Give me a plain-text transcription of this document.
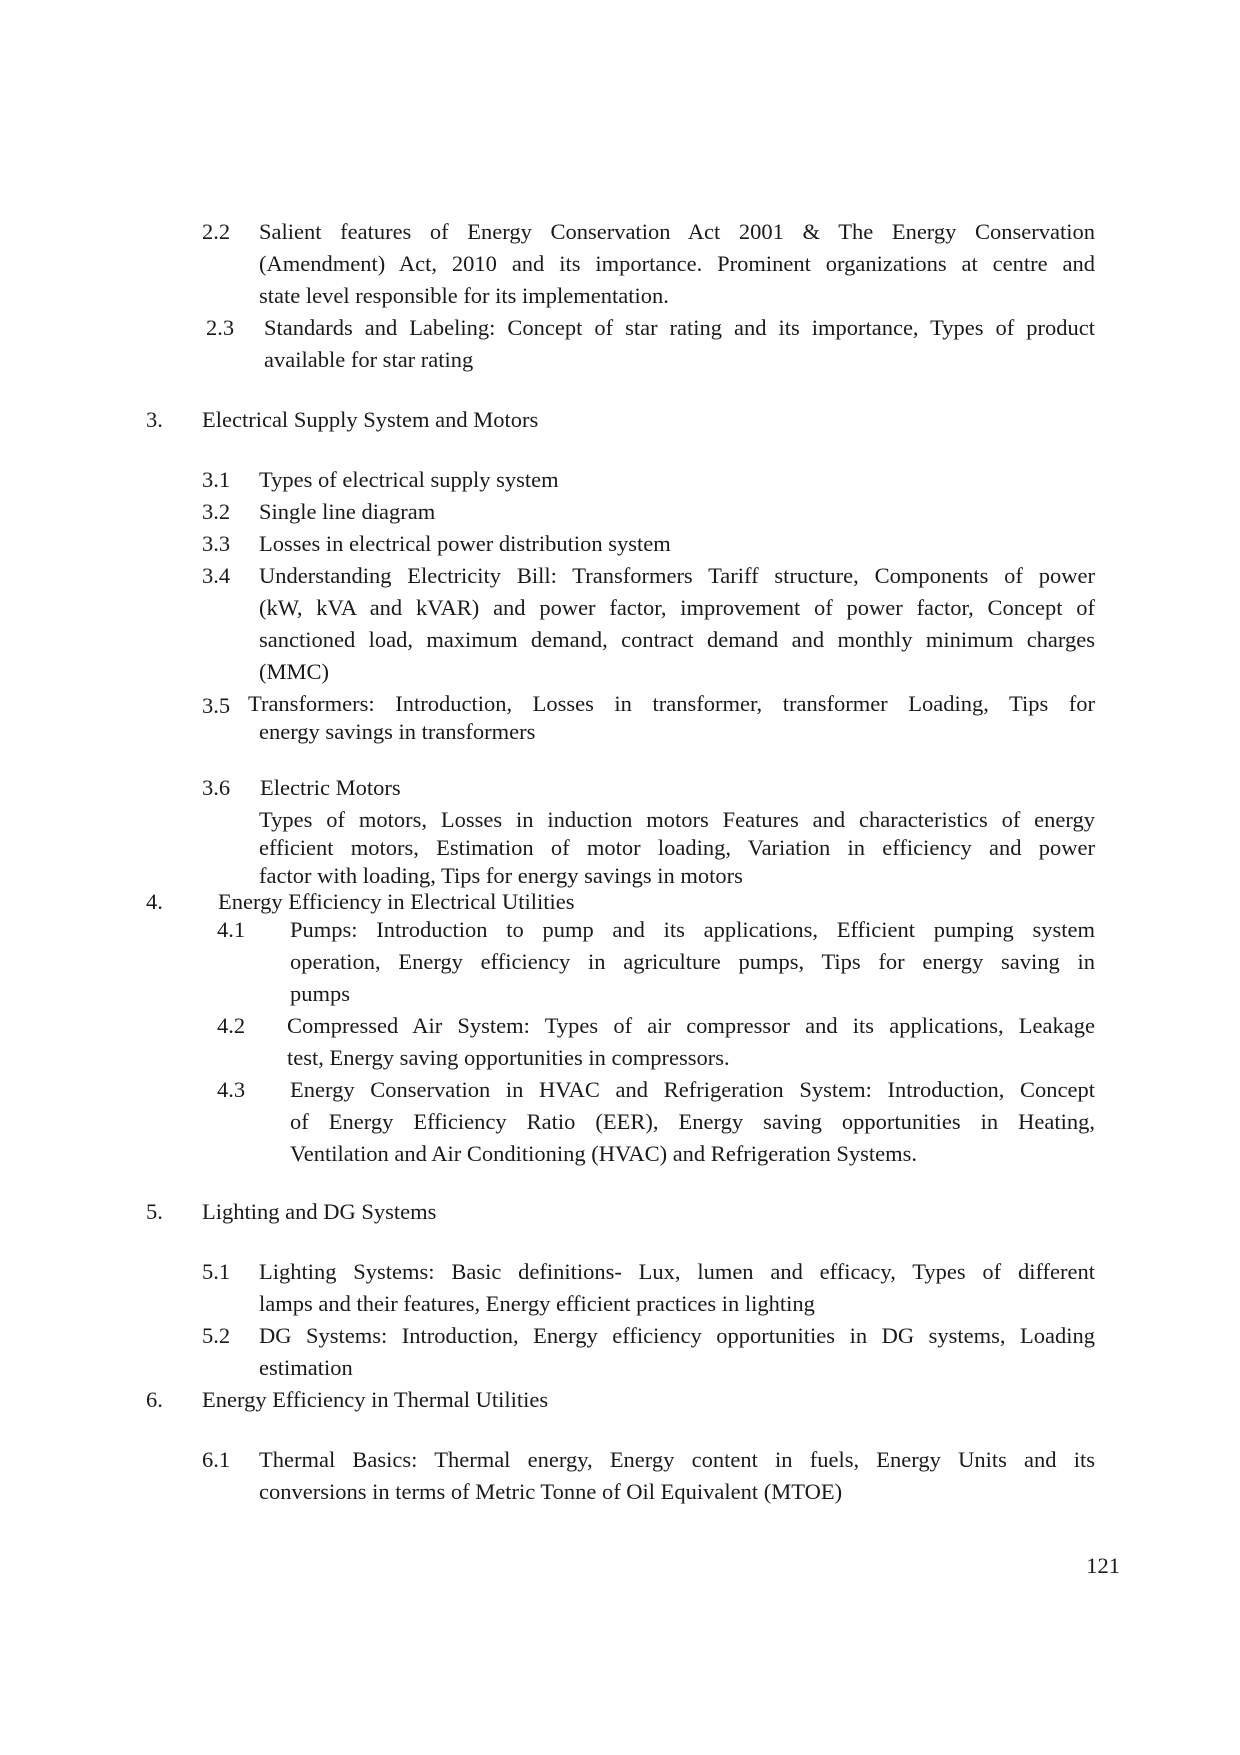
2.2 Salient features of Energy Conservation Act 2001 & The Energy Conservation
(Amendment) Act, 2010 and its importance. Prominent organizations at centre and
state level responsible for its implementation.
2.3 Standards and Labeling: Concept of star rating and its importance, Types of product
available for star rating
3. Electrical Supply System and Motors
3.1 Types of electrical supply system
3.2 Single line diagram
3.3 Losses in electrical power distribution system
3.4 Understanding Electricity Bill: Transformers Tariff structure, Components of power
(kW, kVA and kVAR) and power factor, improvement of power factor, Concept of
sanctioned load, maximum demand, contract demand and monthly minimum charges
(MMC)
3.5 Transformers: Introduction, Losses in transformer, transformer Loading, Tips for
energy savings in transformers
3.6 Electric Motors
Types of motors, Losses in induction motors Features and characteristics of energy
efficient motors, Estimation of motor loading, Variation in efficiency and power
factor with loading, Tips for energy savings in motors
4. Energy Efficiency in Electrical Utilities
4.1 Pumps: Introduction to pump and its applications, Efficient pumping system
operation, Energy efficiency in agriculture pumps, Tips for energy saving in
pumps
4.2 Compressed Air System: Types of air compressor and its applications, Leakage
test, Energy saving opportunities in compressors.
4.3 Energy Conservation in HVAC and Refrigeration System: Introduction, Concept
of Energy Efficiency Ratio (EER), Energy saving opportunities in Heating,
Ventilation and Air Conditioning (HVAC) and Refrigeration Systems.
5. Lighting and DG Systems
5.1 Lighting Systems: Basic definitions- Lux, lumen and efficacy, Types of different
lamps and their features, Energy efficient practices in lighting
5.2 DG Systems: Introduction, Energy efficiency opportunities in DG systems, Loading
estimation
6. Energy Efficiency in Thermal Utilities
6.1 Thermal Basics: Thermal energy, Energy content in fuels, Energy Units and its
conversions in terms of Metric Tonne of Oil Equivalent (MTOE)
121
